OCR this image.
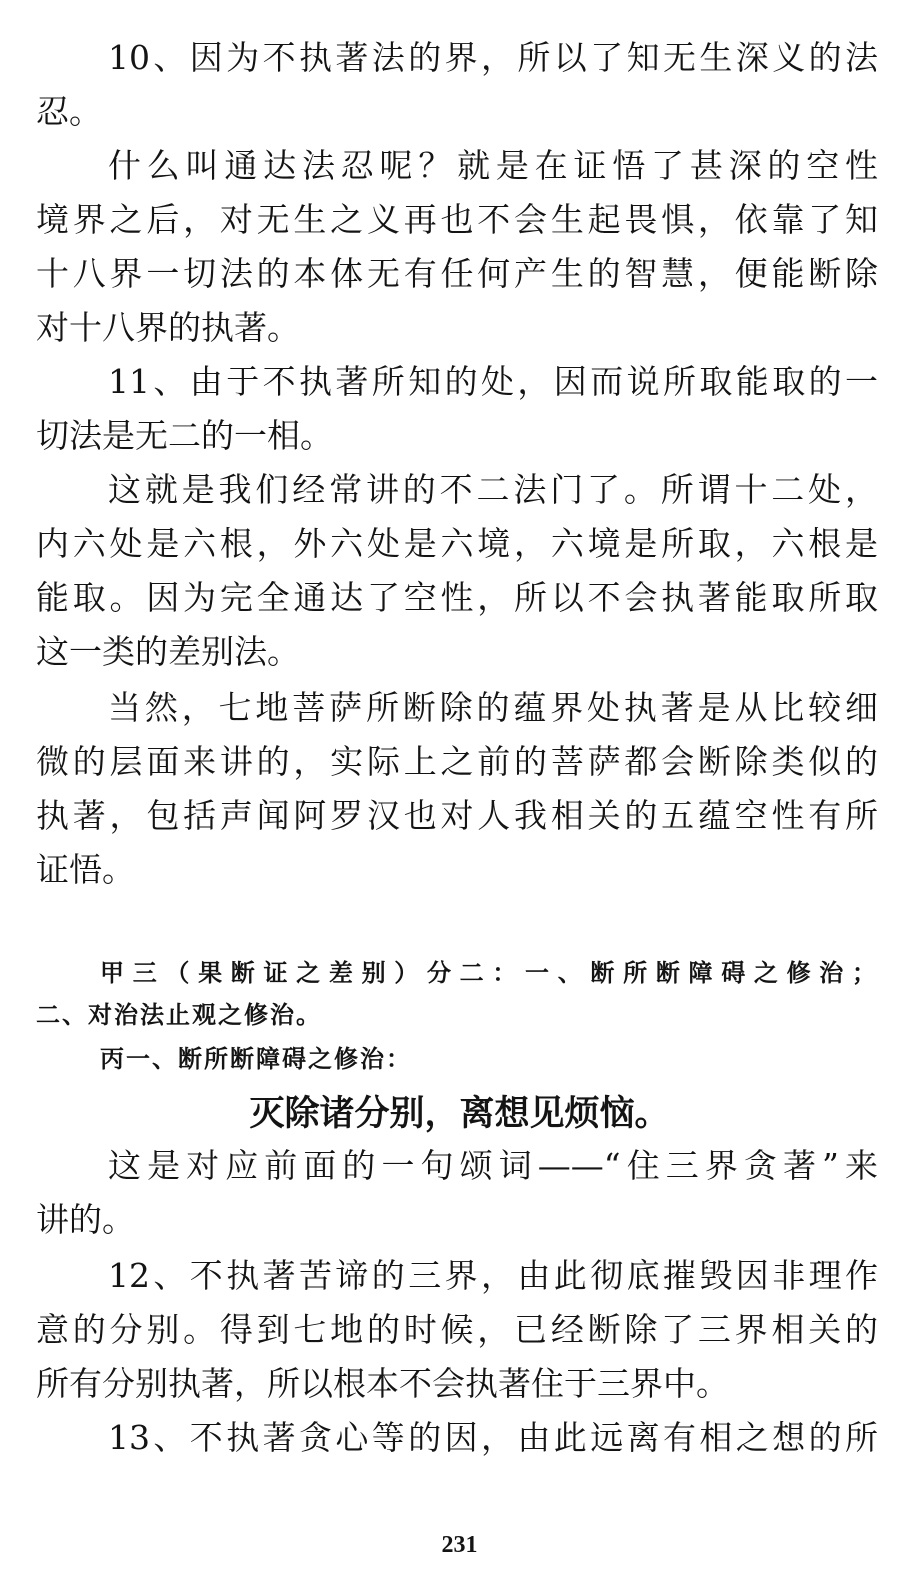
10、因为不执著法的界，所以了知无生深义的法
忍。
什么叫通达法忍呢？就是在证悟了甚深的空性
境界之后，对无生之义再也不会生起畏惧，依靠了知
十八界一切法的本体无有任何产生的智慧，便能断除
对十八界的执著。
11、由于不执著所知的处，因而说所取能取的一
切法是无二的一相。
这就是我们经常讲的不二法门了。所谓十二处，
内六处是六根，外六处是六境，六境是所取，六根是
能取。因为完全通达了空性，所以不会执著能取所取
这一类的差别法。
当然，七地菩萨所断除的蕴界处执著是从比较细
微的层面来讲的，实际上之前的菩萨都会断除类似的
执著，包括声闻阿罗汉也对人我相关的五蕴空性有所
证悟。
甲三（果断证之差别）分二：一、断所断障碍之修治；
二、对治法止观之修治。
丙一、断所断障碍之修治：
灭除诸分别，离想见烦恼。
这是对应前面的一句颂词——“住三界贪著”来
讲的。
12、不执著苦谛的三界，由此彻底摧毁因非理作
意的分别。得到七地的时候，已经断除了三界相关的
所有分别执著，所以根本不会执著住于三界中。
13、不执著贪心等的因，由此远离有相之想的所
231
